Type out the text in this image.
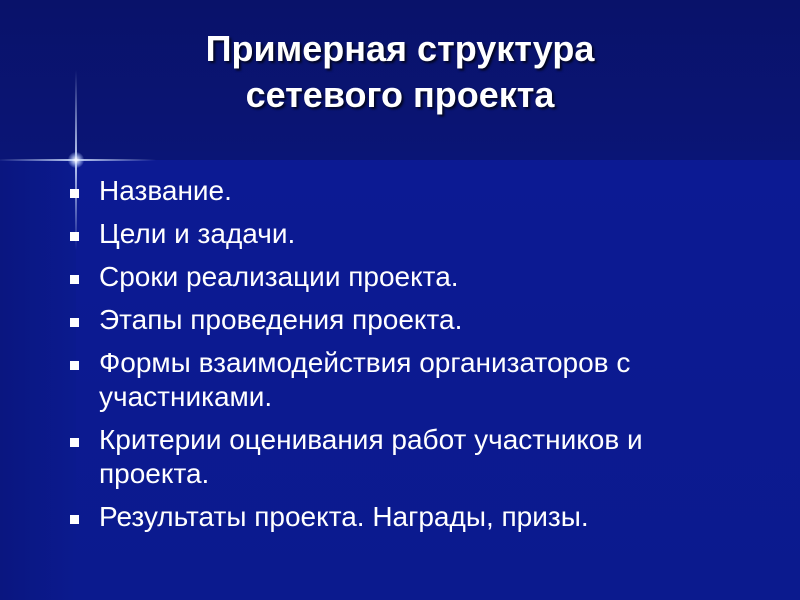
Примерная структура
сетевого проекта
Название.
Цели и задачи.
Сроки реализации проекта.
Этапы проведения проекта.
Формы взаимодействия организаторов с участниками.
Критерии оценивания работ участников и проекта.
Результаты проекта. Награды, призы.
